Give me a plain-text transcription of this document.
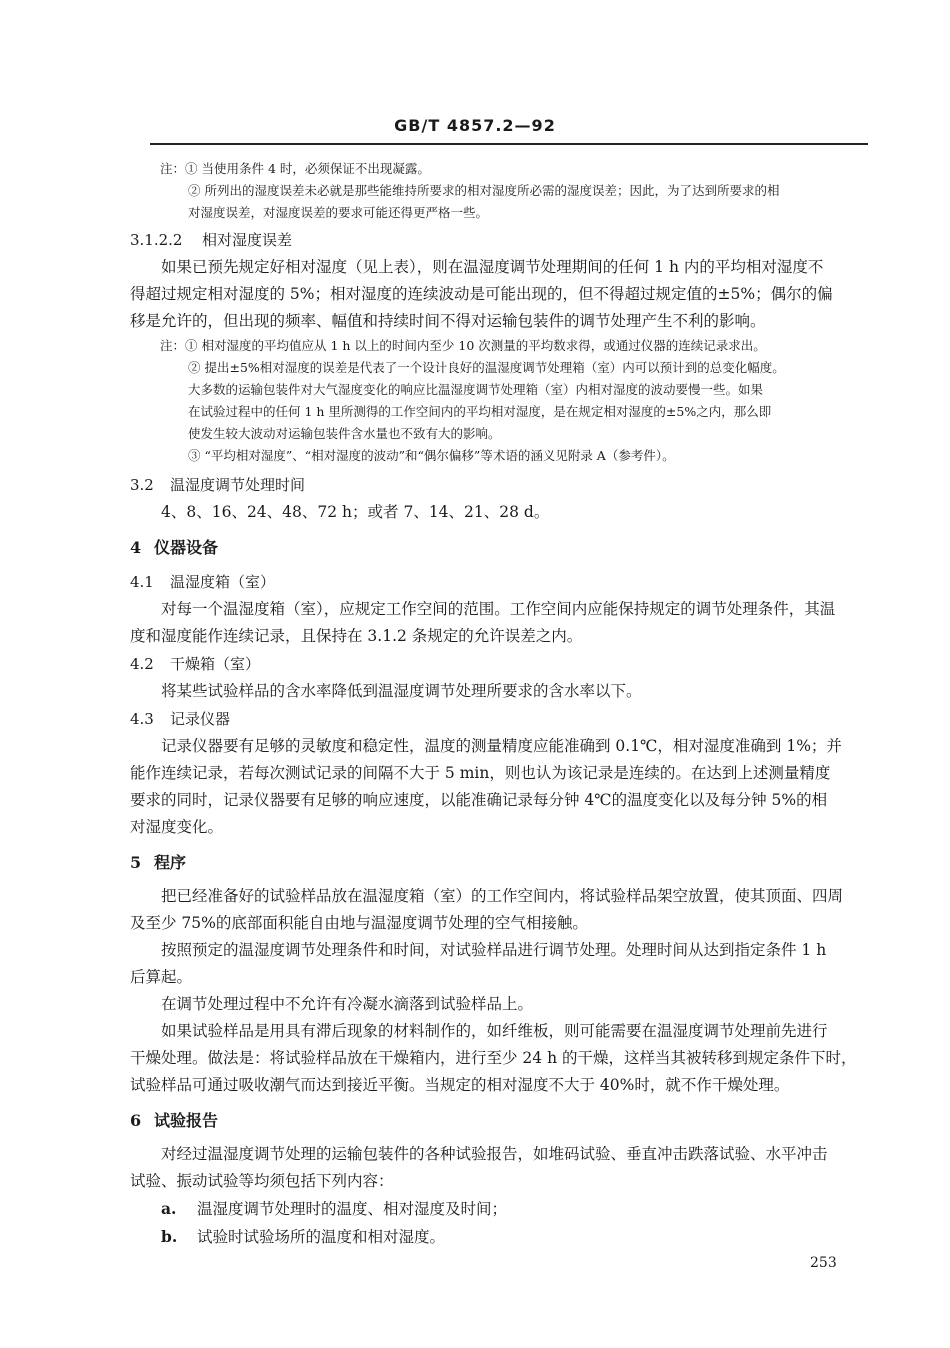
GB/T 4857.2—92

注：① 当使用条件 4 时，必须保证不出现凝露。

② 所列出的湿度误差未必就是那些能维持所要求的相对湿度所必需的湿度误差；因此，为了达到所要求的相

对湿度误差，对湿度误差的要求可能还得更严格一些。

3.1.2.2 相对湿度误差

如果已预先规定好相对湿度（见上表），则在温湿度调节处理期间的任何 1 h 内的平均相对湿度不

得超过规定相对湿度的 5%；相对湿度的连续波动是可能出现的，但不得超过规定值的±5%；偶尔的偏

移是允许的，但出现的频率、幅值和持续时间不得对运输包装件的调节处理产生不利的影响。

注：① 相对湿度的平均值应从 1 h 以上的时间内至少 10 次测量的平均数求得，或通过仪器的连续记录求出。

② 提出±5%相对湿度的误差是代表了一个设计良好的温湿度调节处理箱（室）内可以预计到的总变化幅度。

大多数的运输包装件对大气湿度变化的响应比温湿度调节处理箱（室）内相对湿度的波动要慢一些。如果

在试验过程中的任何 1 h 里所测得的工作空间内的平均相对湿度，是在规定相对湿度的±5%之内，那么即

使发生较大波动对运输包装件含水量也不致有大的影响。

③ “平均相对湿度”、“相对湿度的波动”和“偶尔偏移”等术语的涵义见附录 A（参考件）。

3.2 温湿度调节处理时间

4、8、16、24、48、72 h；或者 7、14、21、28 d。

4 仪器设备

4.1 温湿度箱（室）

对每一个温湿度箱（室），应规定工作空间的范围。工作空间内应能保持规定的调节处理条件，其温

度和湿度能作连续记录，且保持在 3.1.2 条规定的允许误差之内。

4.2 干燥箱（室）

将某些试验样品的含水率降低到温湿度调节处理所要求的含水率以下。

4.3 记录仪器

记录仪器要有足够的灵敏度和稳定性，温度的测量精度应能准确到 0.1℃，相对湿度准确到 1%；并

能作连续记录，若每次测试记录的间隔不大于 5 min，则也认为该记录是连续的。在达到上述测量精度

要求的同时，记录仪器要有足够的响应速度，以能准确记录每分钟 4℃的温度变化以及每分钟 5%的相

对湿度变化。

5 程序

把已经准备好的试验样品放在温湿度箱（室）的工作空间内，将试验样品架空放置，使其顶面、四周

及至少 75%的底部面积能自由地与温湿度调节处理的空气相接触。

按照预定的温湿度调节处理条件和时间，对试验样品进行调节处理。处理时间从达到指定条件 1 h

后算起。

在调节处理过程中不允许有冷凝水滴落到试验样品上。

如果试验样品是用具有滞后现象的材料制作的，如纤维板，则可能需要在温湿度调节处理前先进行

干燥处理。做法是：将试验样品放在干燥箱内，进行至少 24 h 的干燥，这样当其被转移到规定条件下时，

试验样品可通过吸收潮气而达到接近平衡。当规定的相对湿度不大于 40%时，就不作干燥处理。

6 试验报告

对经过温湿度调节处理的运输包装件的各种试验报告，如堆码试验、垂直冲击跌落试验、水平冲击

试验、振动试验等均须包括下列内容：

a. 温湿度调节处理时的温度、相对湿度及时间；

b. 试验时试验场所的温度和相对湿度。

253
